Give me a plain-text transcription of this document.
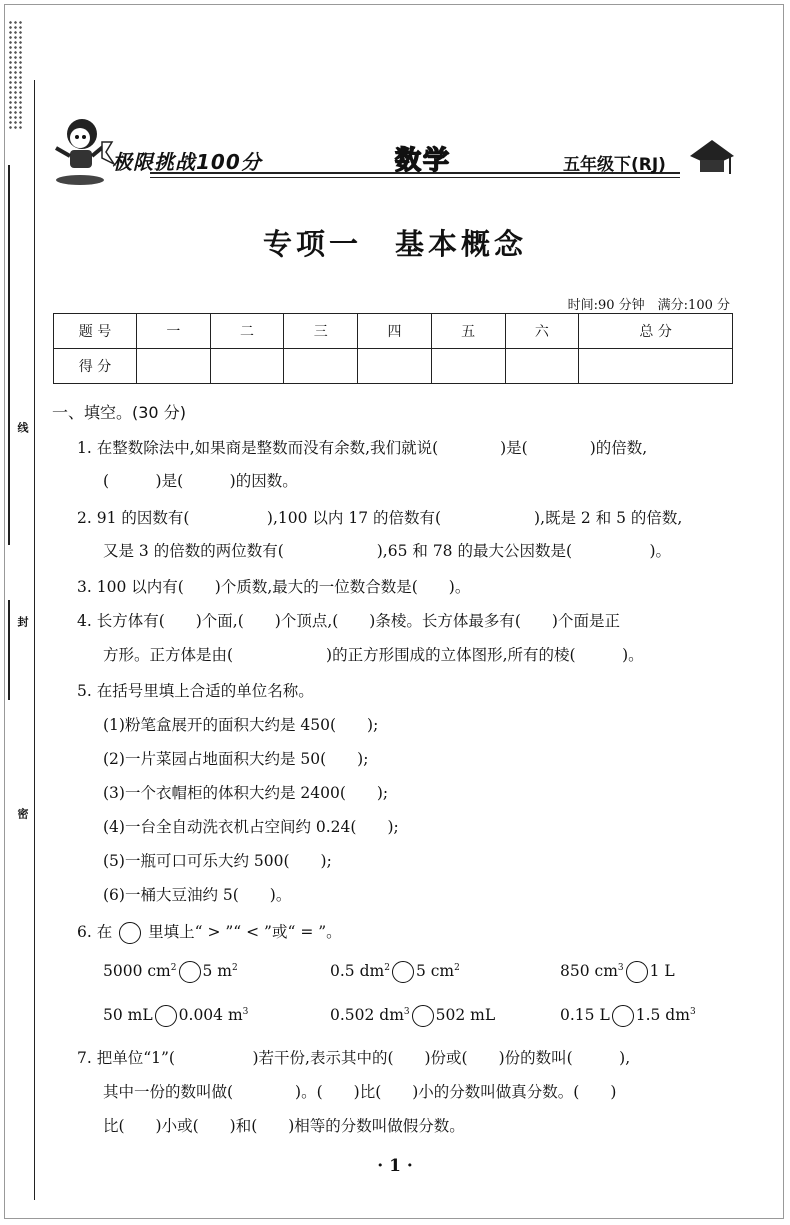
线
封
密
极限挑战100分	数学	五年级下(RJ)
专项一　基本概念
时间:90 分钟　满分:100 分
题 号	一	二	三	四	五	六	总 分
得 分							
一、填空。(30 分)
1. 在整数除法中,如果商是整数而没有余数,我们就说(　　　　)是(　　　　)的倍数,
(　　　)是(　　　)的因数。
2. 91 的因数有(　　　　　),100 以内 17 的倍数有(　　　　　　),既是 2 和 5 的倍数,
又是 3 的倍数的两位数有(　　　　　　),65 和 78 的最大公因数是(　　　　　)。
3. 100 以内有(　　)个质数,最大的一位数合数是(　　)。
4. 长方体有(　　)个面,(　　)个顶点,(　　)条棱。长方体最多有(　　)个面是正
方形。正方体是由(　　　　　　)的正方形围成的立体图形,所有的棱(　　　)。
5. 在括号里填上合适的单位名称。
(1)粉笔盒展开的面积大约是 450(　　);
(2)一片菜园占地面积大约是 50(　　);
(3)一个衣帽柜的体积大约是 2400(　　);
(4)一台全自动洗衣机占空间约 0.24(　　);
(5)一瓶可口可乐大约 500(　　);
(6)一桶大豆油约 5(　　)。
6. 在 里填上“ > ”“ < ”或“ = ”。
5000 $cm^2$ 5 $m^2$	0.5 $dm^2$ 5 $cm^2$	850 $cm^3$ 1 L
50 mL 0.004 $m^3$	0.502 $dm^3$ 502 mL	0.15 L 1.5 $dm^3$
7. 把单位“1”(　　　　　)若干份,表示其中的(　　)份或(　　)份的数叫(　　　),
其中一份的数叫做(　　　　)。(　　)比(　　)小的分数叫做真分数。(　　)
比(　　)小或(　　)和(　　)相等的分数叫做假分数。
· 1 ·
